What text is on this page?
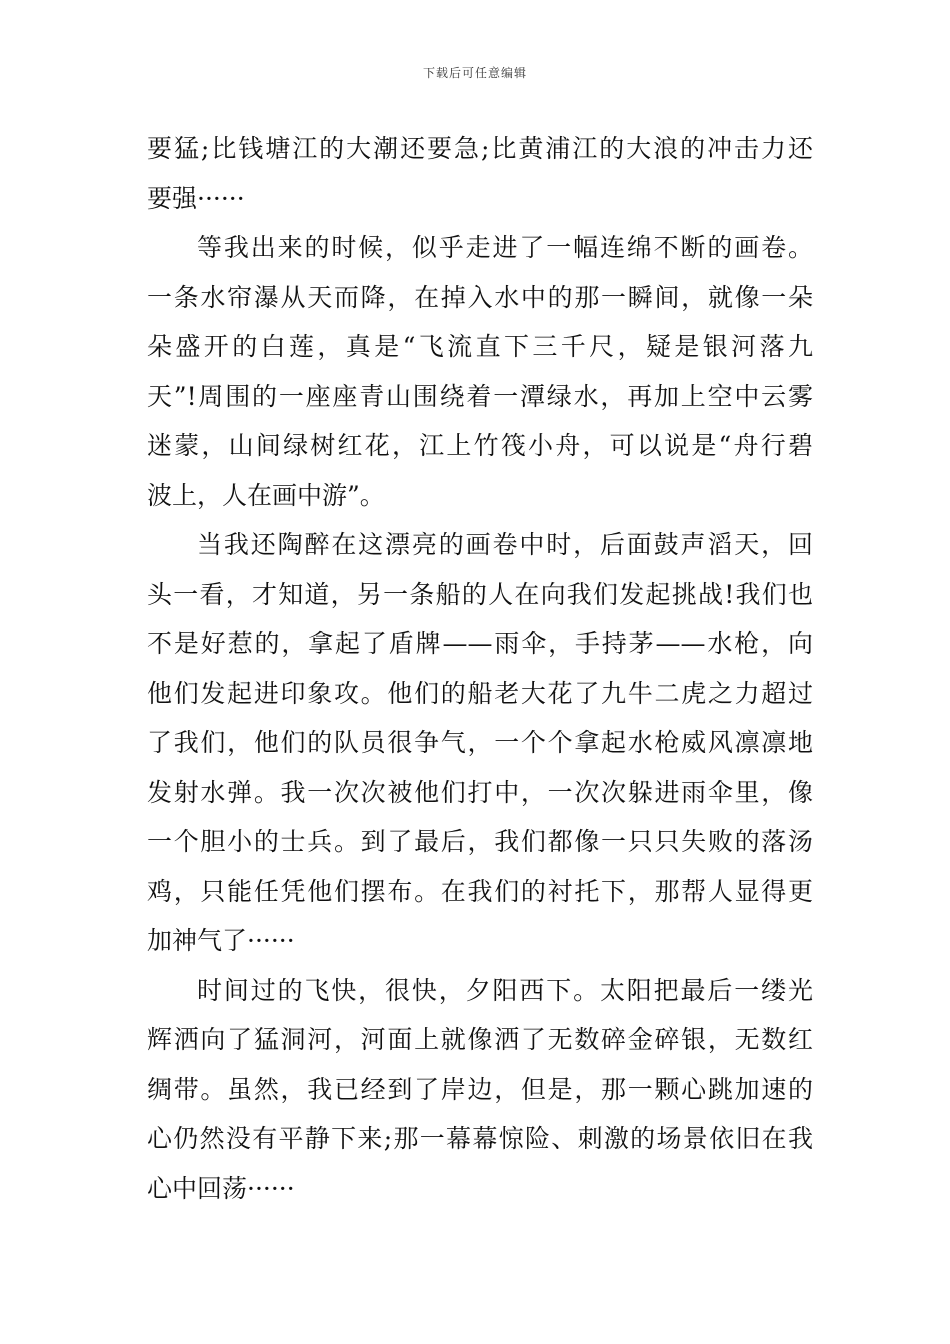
下载后可任意编辑
要猛;比钱塘江的大潮还要急;比黄浦江的大浪的冲击力还
要强······
等我出来的时候，似乎走进了一幅连绵不断的画卷。
一条水帘瀑从天而降，在掉入水中的那一瞬间，就像一朵
朵盛开的白莲，真是“飞流直下三千尺，疑是银河落九
天”!周围的一座座青山围绕着一潭绿水，再加上空中云雾
迷蒙，山间绿树红花，江上竹筏小舟，可以说是“舟行碧
波上，人在画中游”。
当我还陶醉在这漂亮的画卷中时，后面鼓声滔天，回
头一看，才知道，另一条船的人在向我们发起挑战!我们也
不是好惹的，拿起了盾牌——雨伞，手持茅——水枪，向
他们发起进印象攻。他们的船老大花了九牛二虎之力超过
了我们，他们的队员很争气，一个个拿起水枪威风凛凛地
发射水弹。我一次次被他们打中，一次次躲进雨伞里，像
一个胆小的士兵。到了最后，我们都像一只只失败的落汤
鸡，只能任凭他们摆布。在我们的衬托下，那帮人显得更
加神气了······
时间过的飞快，很快，夕阳西下。太阳把最后一缕光
辉洒向了猛洞河，河面上就像洒了无数碎金碎银，无数红
绸带。虽然，我已经到了岸边，但是，那一颗心跳加速的
心仍然没有平静下来;那一幕幕惊险、刺激的场景依旧在我
心中回荡······
